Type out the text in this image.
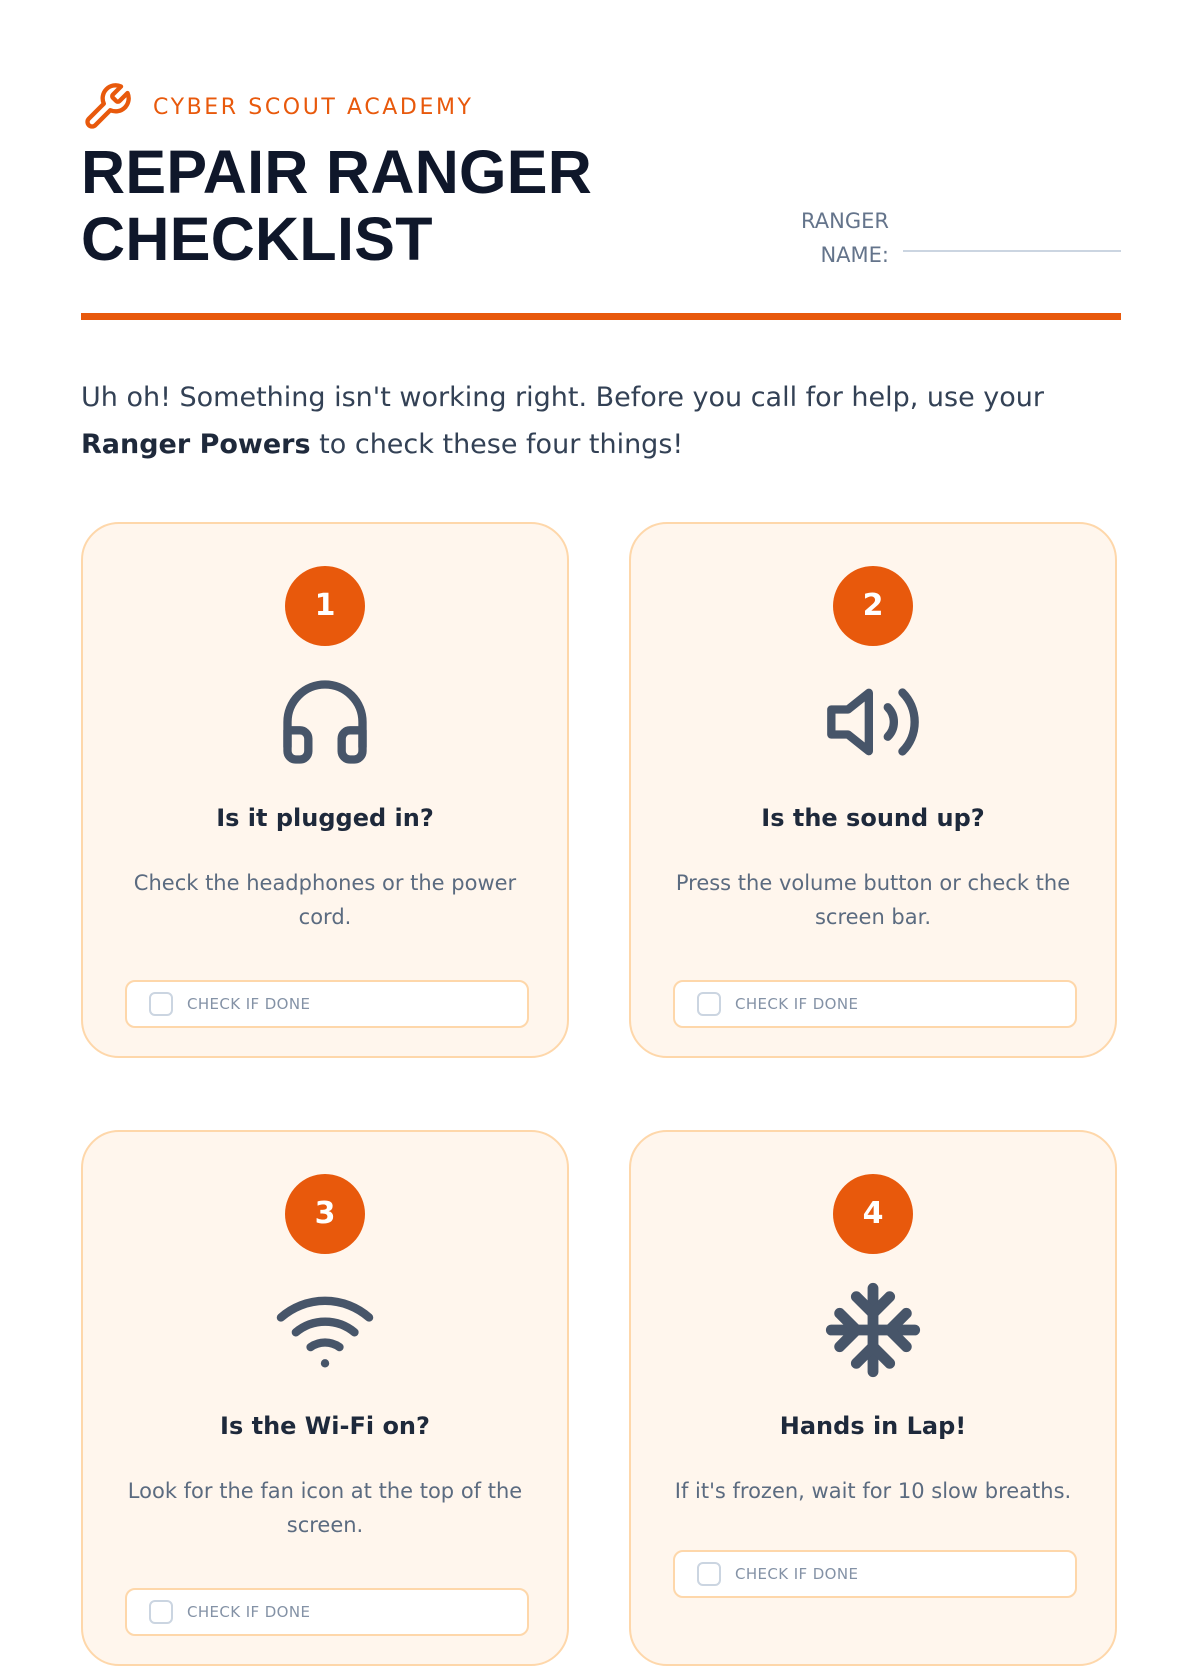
CYBER SCOUT ACADEMY
REPAIR RANGER
CHECKLIST	RANGER
NAME:

Uh oh! Something isn't working right. Before you call for help, use your Ranger Powers to check these four things!

1
Is it plugged in?
Check the headphones or the power cord.
CHECK IF DONE
2
Is the sound up?
Press the volume button or check the screen bar.
CHECK IF DONE
3
Is the Wi-Fi on?
Look for the fan icon at the top of the screen.
CHECK IF DONE
4
Hands in Lap!
If it's frozen, wait for 10 slow breaths.
CHECK IF DONE
